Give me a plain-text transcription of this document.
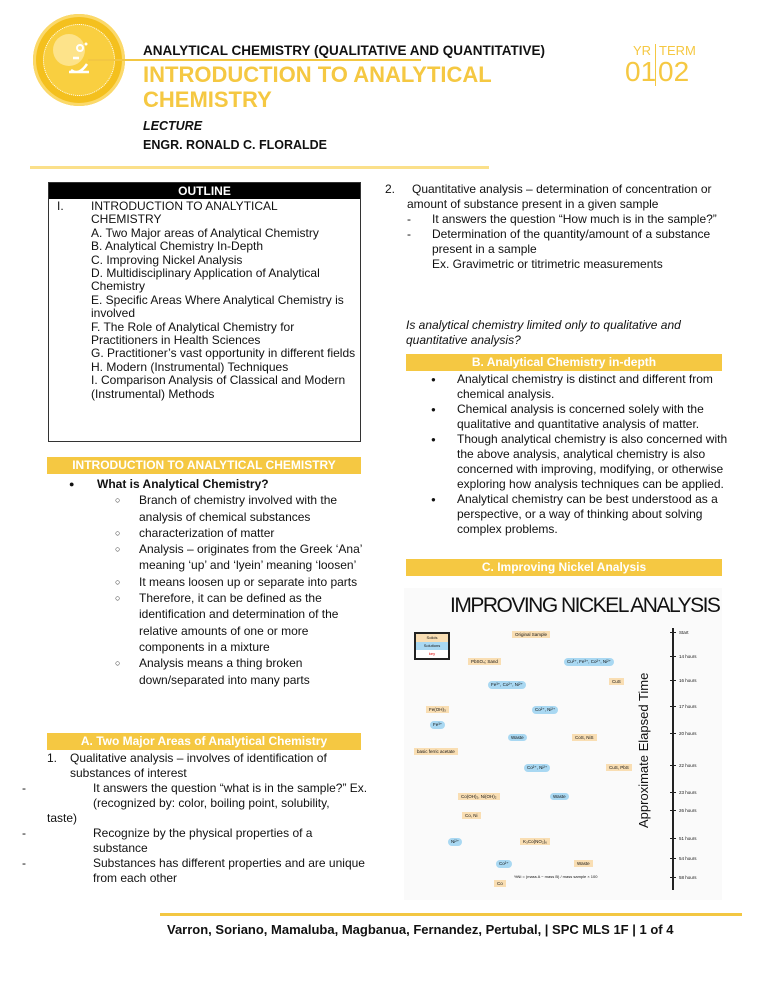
ANALYTICAL CHEMISTRY (QUALITATIVE AND QUANTITATIVE)
INTRODUCTION TO ANALYTICAL
CHEMISTRY
YR TERM
01 02
LECTURE
ENGR. RONALD C. FLORALDE
OUTLINE
I. INTRODUCTION TO ANALYTICAL CHEMISTRY
A. Two Major areas of Analytical Chemistry
B. Analytical Chemistry In-Depth
C. Improving Nickel Analysis
D. Multidisciplinary Application of Analytical Chemistry
E. Specific Areas Where Analytical Chemistry is involved
F. The Role of Analytical Chemistry for Practitioners in Health Sciences
G. Practitioner’s vast opportunity in different fields
H. Modern (Instrumental) Techniques
I. Comparison Analysis of Classical and Modern (Instrumental) Methods
INTRODUCTION TO ANALYTICAL CHEMISTRY
● What is Analytical Chemistry?
○ Branch of chemistry involved with the analysis of chemical substances
○ characterization of matter
○ Analysis – originates from the Greek ‘Ana’ meaning ‘up’ and ‘lyein’ meaning ‘loosen’
○ It means loosen up or separate into parts
○ Therefore, it can be defined as the identification and determination of the relative amounts of one or more components in a mixture
○ Analysis means a thing broken down/separated into many parts
A. Two Major Areas of Analytical Chemistry
1. Qualitative analysis – involves of identification of substances of interest
- It answers the question “what is in the sample?” Ex. (recognized by: color, boiling point, solubility,
taste)
- Recognize by the physical properties of a substance
- Substances has different properties and are unique from each other
2. Quantitative analysis – determination of concentration or amount of substance present in a given sample
- It answers the question “How much is in the sample?”
- Determination of the quantity/amount of a substance present in a sample
Ex. Gravimetric or titrimetric measurements
Is analytical chemistry limited only to qualitative and quantitative analysis?
B. Analytical Chemistry in-depth
● Analytical chemistry is distinct and different from chemical analysis.
● Chemical analysis is concerned solely with the qualitative and quantitative analysis of matter.
● Though analytical chemistry is also concerned with the above analysis, analytical chemistry is also concerned with improving, modifying, or otherwise exploring how analysis techniques can be applied.
● Analytical chemistry can be best understood as a perspective, or a way of thinking about solving complex problems.
C. Improving Nickel Analysis
IMPROVING NICKEL ANALYSIS
Solids
Solutions
key
Approximate Elapsed Time
Start
14 hours
16 hours
17 hours
20 hours
22 hours
23 hours
26 hours
51 hours
54 hours
58 hours
Original Sample
PbSO₄; Sand	Cu²⁺, Fe³⁺, Co²⁺, Ni²⁺
CuS
Fe³⁺, Co²⁺, Ni²⁺
Fe(OH)₃	Co²⁺, Ni²⁺
Fe³⁺
Waste	CoS, NiS
basic ferric acetate
Co²⁺, Ni²⁺	CuS, PbS
Co(OH)₂, Ni(OH)₂	Waste
Co, Ni
Ni²⁺	K₃Co(NO₂)₆
Co²⁺	Waste
Co
%Ni = (mass A − mass B) / mass sample × 100
Varron, Soriano, Mamaluba, Magbanua, Fernandez, Pertubal, | SPC MLS 1F | 1 of 4
